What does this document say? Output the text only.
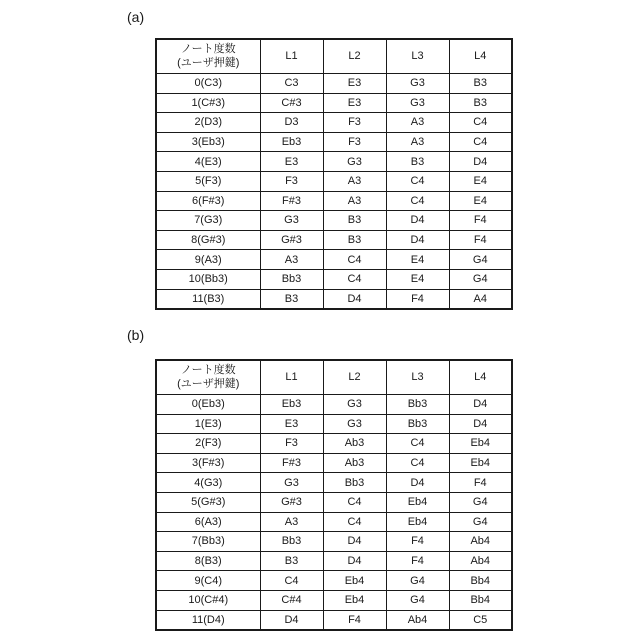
(a)
ノート度数
(ユーザ押鍵)	L1	L2	L3	L4
0(C3)	C3	E3	G3	B3
1(C#3)	C#3	E3	G3	B3
2(D3)	D3	F3	A3	C4
3(Eb3)	Eb3	F3	A3	C4
4(E3)	E3	G3	B3	D4
5(F3)	F3	A3	C4	E4
6(F#3)	F#3	A3	C4	E4
7(G3)	G3	B3	D4	F4
8(G#3)	G#3	B3	D4	F4
9(A3)	A3	C4	E4	G4
10(Bb3)	Bb3	C4	E4	G4
11(B3)	B3	D4	F4	A4
(b)
ノート度数
(ユーザ押鍵)	L1	L2	L3	L4
0(Eb3)	Eb3	G3	Bb3	D4
1(E3)	E3	G3	Bb3	D4
2(F3)	F3	Ab3	C4	Eb4
3(F#3)	F#3	Ab3	C4	Eb4
4(G3)	G3	Bb3	D4	F4
5(G#3)	G#3	C4	Eb4	G4
6(A3)	A3	C4	Eb4	G4
7(Bb3)	Bb3	D4	F4	Ab4
8(B3)	B3	D4	F4	Ab4
9(C4)	C4	Eb4	G4	Bb4
10(C#4)	C#4	Eb4	G4	Bb4
11(D4)	D4	F4	Ab4	C5
